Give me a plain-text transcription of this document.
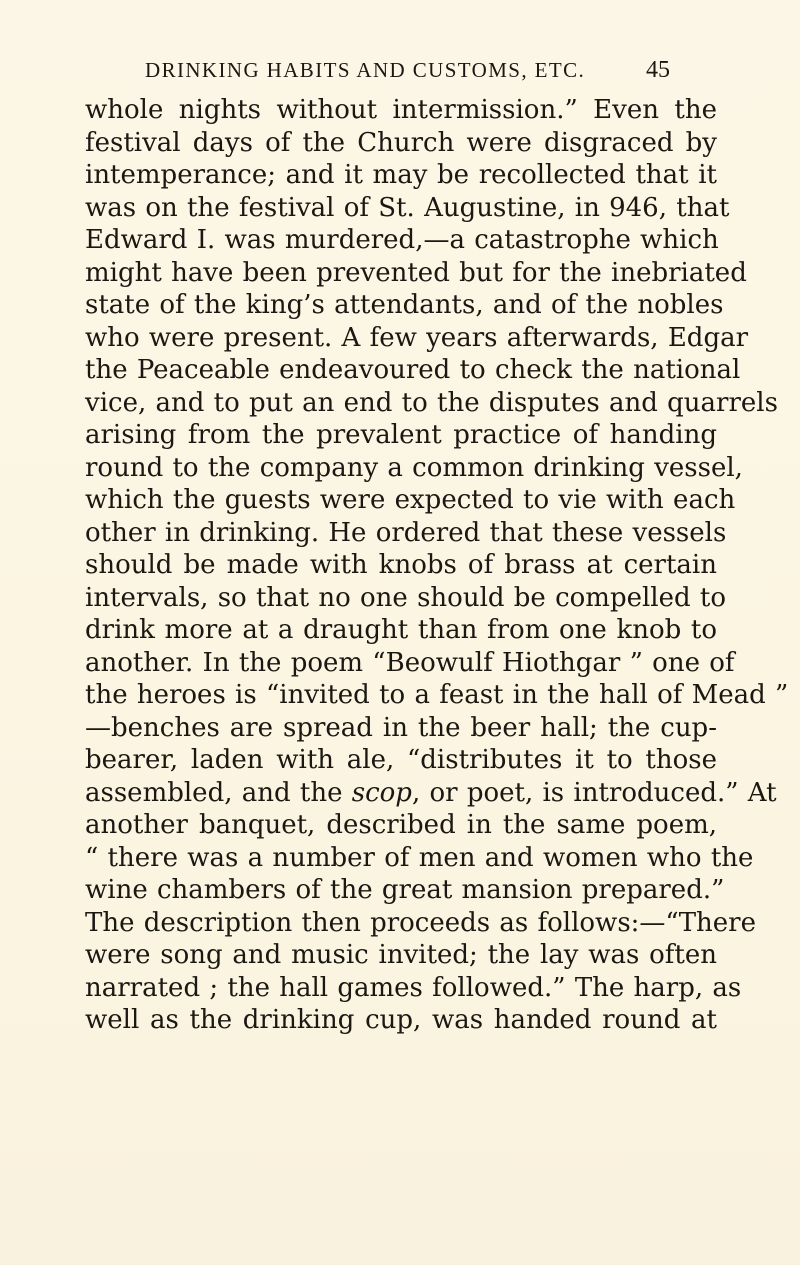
DRINKING HABITS AND CUSTOMS, ETC.	45
whole nights without intermission.” Even the
festival days of the Church were disgraced by
intemperance; and it may be recollected that it
was on the festival of St. Augustine, in 946, that
Edward I. was murdered,—a catastrophe which
might have been prevented but for the inebriated
state of the king’s attendants, and of the nobles
who were present. A few years afterwards, Edgar
the Peaceable endeavoured to check the national
vice, and to put an end to the disputes and quarrels
arising from the prevalent practice of handing
round to the company a common drinking vessel,
which the guests were expected to vie with each
other in drinking. He ordered that these vessels
should be made with knobs of brass at certain
intervals, so that no one should be compelled to
drink more at a draught than from one knob to
another. In the poem “Beowulf Hiothgar ” one of
the heroes is “invited to a feast in the hall of Mead ”
—benches are spread in the beer hall; the cup-
bearer, laden with ale, “distributes it to those
assembled, and the scop, or poet, is introduced.” At
another banquet, described in the same poem,
“ there was a number of men and women who the
wine chambers of the great mansion prepared.”
The description then proceeds as follows:—“There
were song and music invited; the lay was often
narrated ; the hall games followed.” The harp, as
well as the drinking cup, was handed round at
